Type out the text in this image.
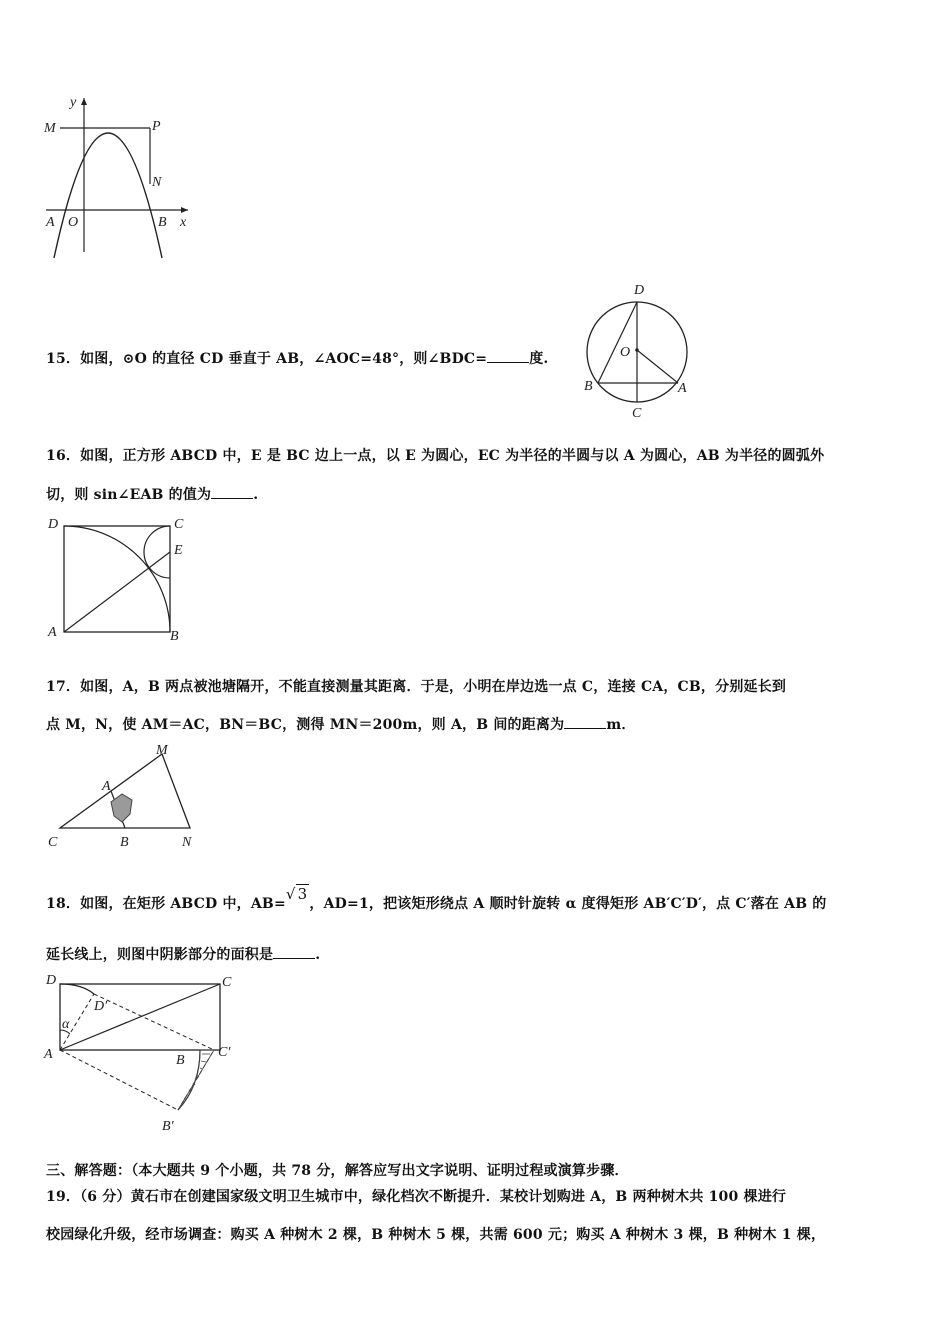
y
x
M	P
N
A O	B
15．如图，⊙O 的直径 CD 垂直于 AB，∠AOC=48°，则∠BDC=	度.
D
O
B	A
C
16．如图，正方形 ABCD 中，E 是 BC 边上一点，以 E 为圆心，EC 为半径的半圆与以 A 为圆心，AB 为半径的圆弧外
切，则 sin∠EAB 的值为	.
D	C
E
A	B
17．如图，A，B 两点被池塘隔开，不能直接测量其距离．于是，小明在岸边选一点 C，连接 CA，CB，分别延长到
点 M，N，使 AM＝AC，BN＝BC，测得 MN＝200m，则 A，B 间的距离为	m．
M
A
C	B	N
18．如图，在矩形 ABCD 中，AB=√ 3，AD=1，把该矩形绕点 A 顺时针旋转 α 度得矩形 AB′C′D′，点 C′落在 AB 的
延长线上，则图中阴影部分的面积是	.
D	C
D′
α
A	B
C′
B′
三、解答题：（本大题共 9 个小题，共 78 分，解答应写出文字说明、证明过程或演算步骤．
19．（6 分）黄石市在创建国家级文明卫生城市中，绿化档次不断提升．某校计划购进 A，B 两种树木共 100 棵进行
校园绿化升级，经市场调查：购买 A 种树木 2 棵，B 种树木 5 棵，共需 600 元；购买 A 种树木 3 棵，B 种树木 1 棵，
